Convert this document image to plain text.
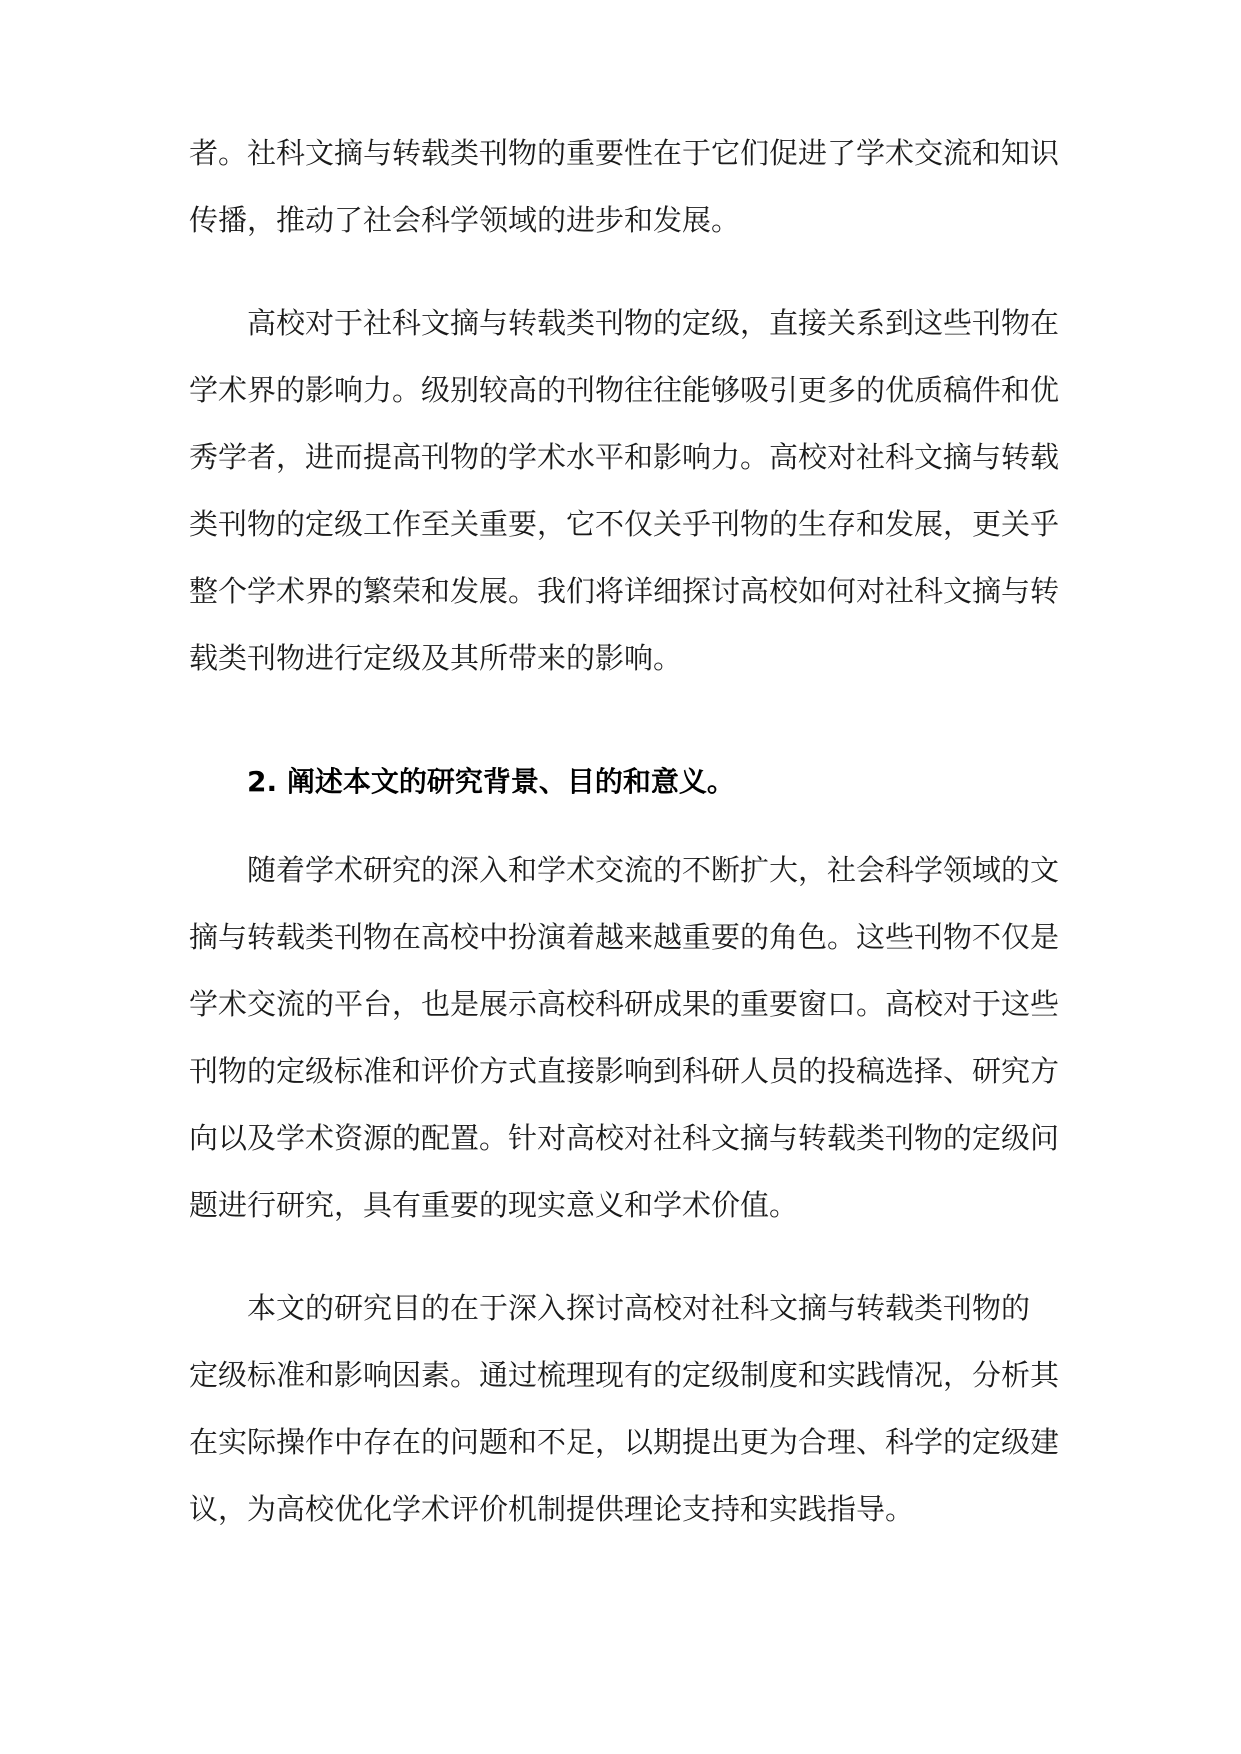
者。社科文摘与转载类刊物的重要性在于它们促进了学术交流和知识
传播，推动了社会科学领域的进步和发展。
高校对于社科文摘与转载类刊物的定级，直接关系到这些刊物在
学术界的影响力。级别较高的刊物往往能够吸引更多的优质稿件和优
秀学者，进而提高刊物的学术水平和影响力。高校对社科文摘与转载
类刊物的定级工作至关重要，它不仅关乎刊物的生存和发展，更关乎
整个学术界的繁荣和发展。我们将详细探讨高校如何对社科文摘与转
载类刊物进行定级及其所带来的影响。
2. 阐述本文的研究背景、目的和意义。
随着学术研究的深入和学术交流的不断扩大，社会科学领域的文
摘与转载类刊物在高校中扮演着越来越重要的角色。这些刊物不仅是
学术交流的平台，也是展示高校科研成果的重要窗口。高校对于这些
刊物的定级标准和评价方式直接影响到科研人员的投稿选择、研究方
向以及学术资源的配置。针对高校对社科文摘与转载类刊物的定级问
题进行研究，具有重要的现实意义和学术价值。
本文的研究目的在于深入探讨高校对社科文摘与转载类刊物的
定级标准和影响因素。通过梳理现有的定级制度和实践情况，分析其
在实际操作中存在的问题和不足，以期提出更为合理、科学的定级建
议，为高校优化学术评价机制提供理论支持和实践指导。
